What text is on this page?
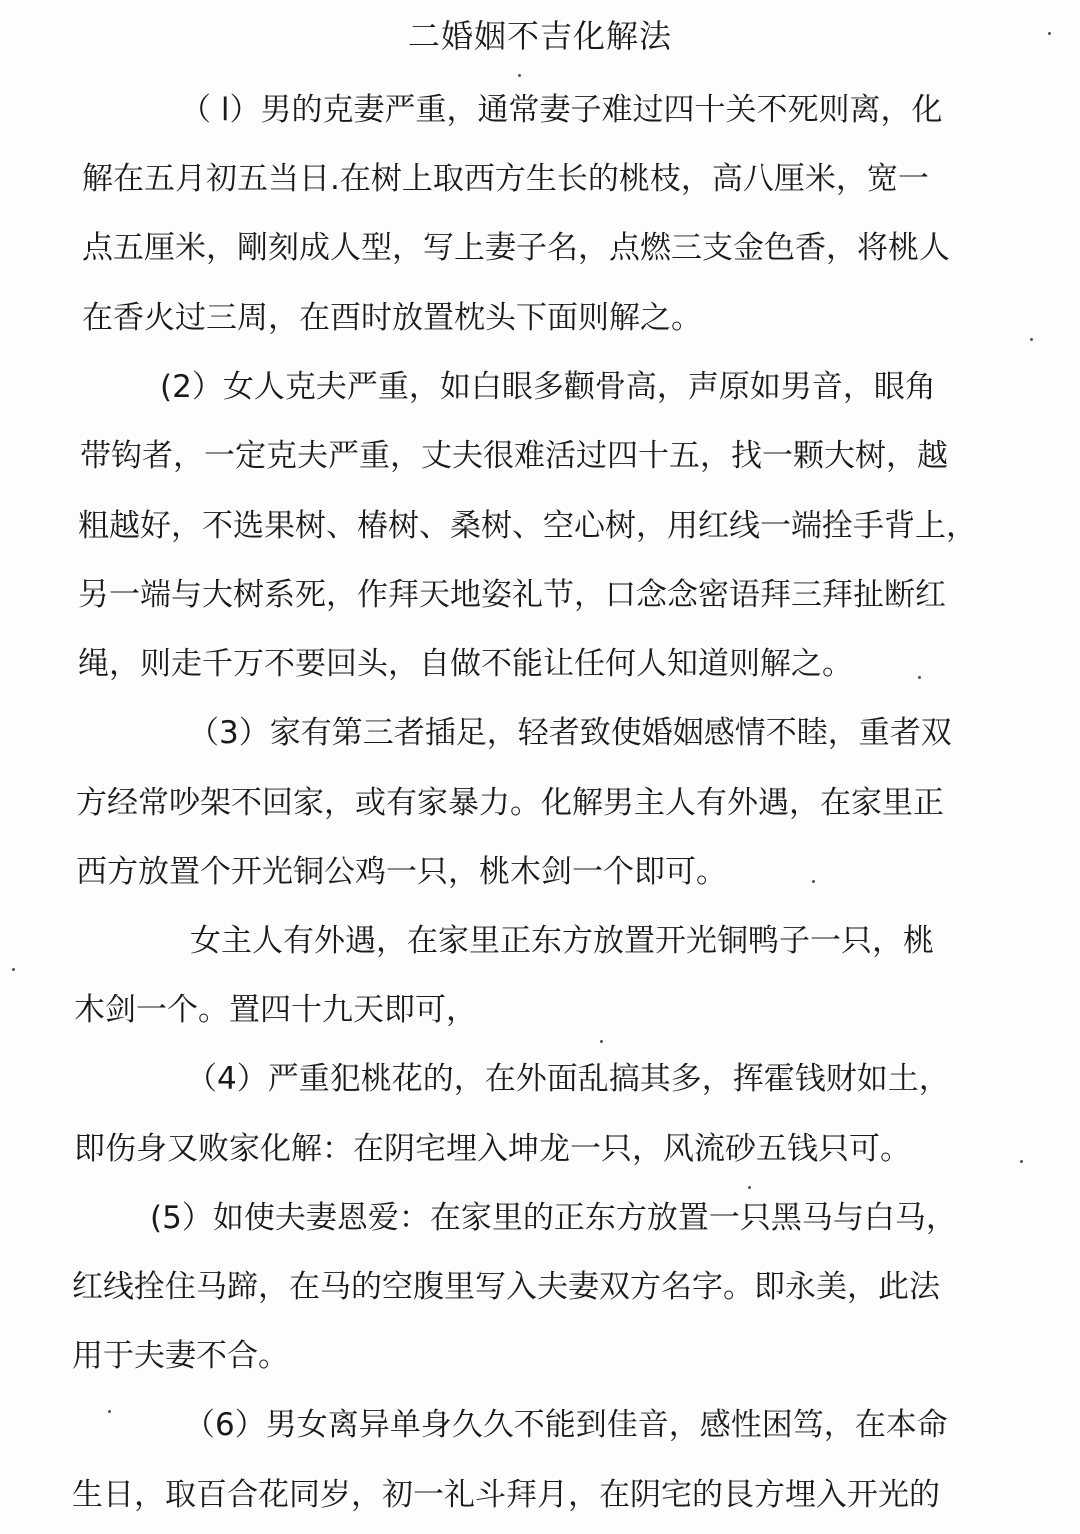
二婚姻不吉化解法
（ l）男的克妻严重，通常妻子难过四十关不死则离，化
解在五月初五当日.在树上取西方生长的桃枝，高八厘米，宽一
点五厘米，剛刻成人型，写上妻子名，点燃三支金色香，将桃人
在香火过三周，在酉时放置枕头下面则解之。
(2）女人克夫严重，如白眼多颧骨高，声原如男音，眼角
带钩者，一定克夫严重，丈夫很难活过四十五，找一颗大树，越
粗越好，不选果树、椿树、桑树、空心树，用红线一端拴手背上，
另一端与大树系死，作拜天地姿礼节，口念念密语拜三拜扯断红
绳，则走千万不要回头，自做不能让任何人知道则解之。
（3）家有第三者插足，轻者致使婚姻感情不睦，重者双
方经常吵架不回家，或有家暴力。化解男主人有外遇，在家里正
西方放置个开光铜公鸡一只，桃木剑一个即可。
女主人有外遇，在家里正东方放置开光铜鸭子一只，桃
木剑一个。置四十九天即可，
（4）严重犯桃花的，在外面乱搞其多，挥霍钱财如土，
即伤身又败家化解：在阴宅埋入坤龙一只，风流砂五钱只可。
(5）如使夫妻恩爱：在家里的正东方放置一只黑马与白马，
红线拴住马蹄，在马的空腹里写入夫妻双方名字。即永美，此法
用于夫妻不合。
（6）男女离异单身久久不能到佳音，感性困笃，在本命
生日，取百合花同岁，初一礼斗拜月，在阴宅的艮方埋入开光的
